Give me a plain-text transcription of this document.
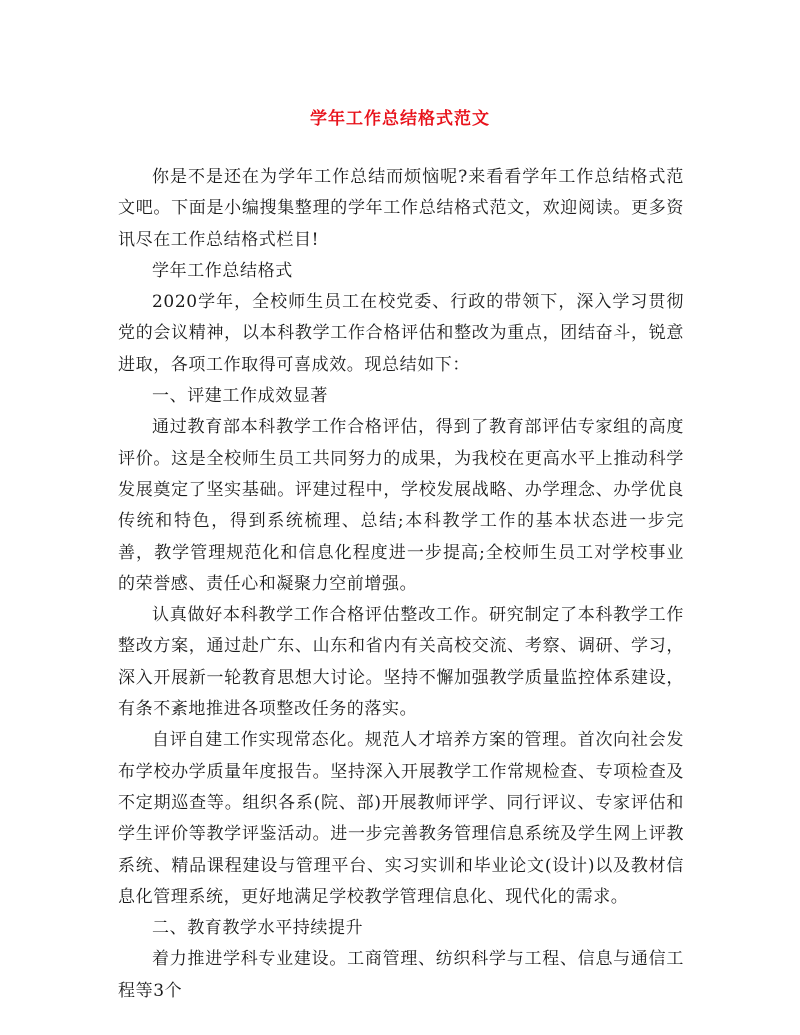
学年工作总结格式范文

你是不是还在为学年工作总结而烦恼呢?来看看学年工作总结格式范文吧。下面是小编搜集整理的学年工作总结格式范文，欢迎阅读。更多资讯尽在工作总结格式栏目!

学年工作总结格式

2020学年，全校师生员工在校党委、行政的带领下，深入学习贯彻党的会议精神，以本科教学工作合格评估和整改为重点，团结奋斗，锐意进取，各项工作取得可喜成效。现总结如下：

一、评建工作成效显著

通过教育部本科教学工作合格评估，得到了教育部评估专家组的高度评价。这是全校师生员工共同努力的成果，为我校在更高水平上推动科学发展奠定了坚实基础。评建过程中，学校发展战略、办学理念、办学优良传统和特色，得到系统梳理、总结;本科教学工作的基本状态进一步完善，教学管理规范化和信息化程度进一步提高;全校师生员工对学校事业的荣誉感、责任心和凝聚力空前增强。

认真做好本科教学工作合格评估整改工作。研究制定了本科教学工作整改方案，通过赴广东、山东和省内有关高校交流、考察、调研、学习，深入开展新一轮教育思想大讨论。坚持不懈加强教学质量监控体系建设，有条不紊地推进各项整改任务的落实。

自评自建工作实现常态化。规范人才培养方案的管理。首次向社会发布学校办学质量年度报告。坚持深入开展教学工作常规检查、专项检查及不定期巡查等。组织各系(院、部)开展教师评学、同行评议、专家评估和学生评价等教学评鉴活动。进一步完善教务管理信息系统及学生网上评教系统、精品课程建设与管理平台、实习实训和毕业论文(设计)以及教材信息化管理系统，更好地满足学校教学管理信息化、现代化的需求。

二、教育教学水平持续提升

着力推进学科专业建设。工商管理、纺织科学与工程、信息与通信工程等3个
